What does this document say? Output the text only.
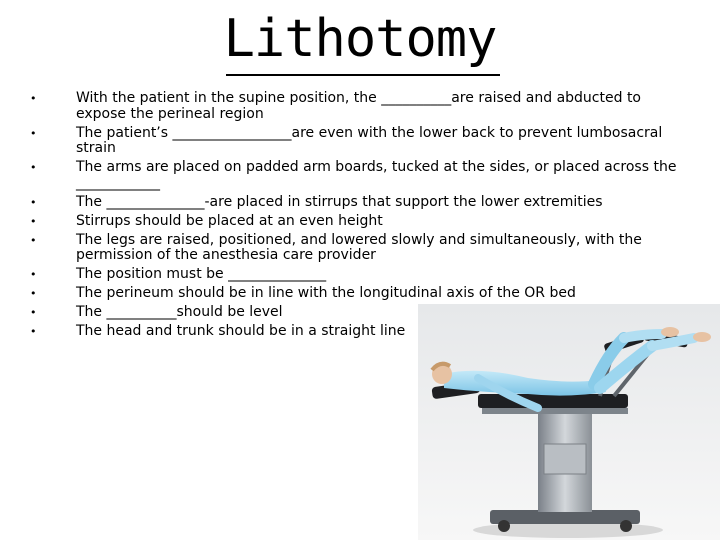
Lithotomy
•	With the patient in the supine position, the __________are raised and abducted to expose the perineal region
•	The patient’s _________________are even with the lower back to prevent lumbosacral strain
•	The arms are placed on padded arm boards, tucked at the sides, or placed across the ____________
•	The ______________-are placed in stirrups that support the lower extremities
•	Stirrups should be placed at an even height
•	The legs are raised, positioned, and lowered slowly and simultaneously, with the permission of the anesthesia care provider
•	The position must be ______________
•	The perineum should be in line with the longitudinal axis of the OR bed
•	The __________should be level
•	The head and trunk should be in a straight line
